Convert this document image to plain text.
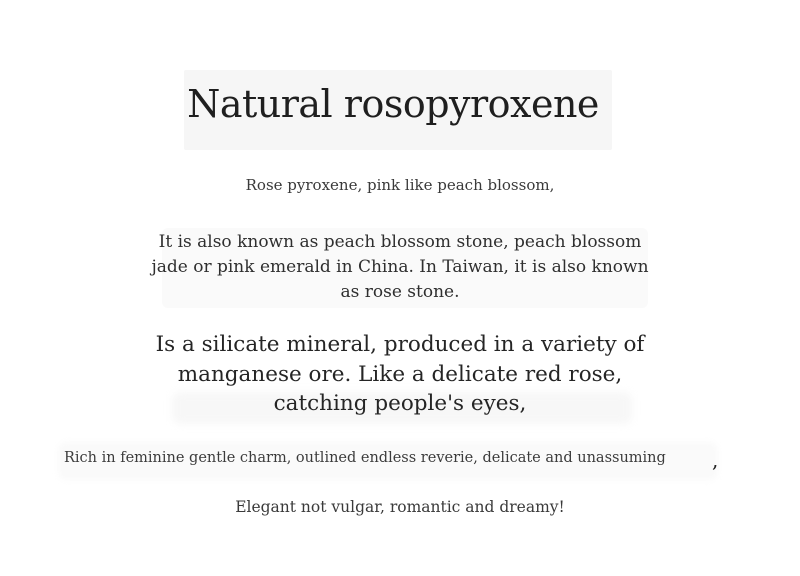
Natural rosopyroxene
Rose pyroxene, pink like peach blossom,
It is also known as peach blossom stone, peach blossom jade or pink emerald in China. In Taiwan, it is also known as rose stone.
Is a silicate mineral, produced in a variety of manganese ore. Like a delicate red rose, catching people's eyes,
Rich in feminine gentle charm, outlined endless reverie, delicate and unassuming ,
Elegant not vulgar, romantic and dreamy!
